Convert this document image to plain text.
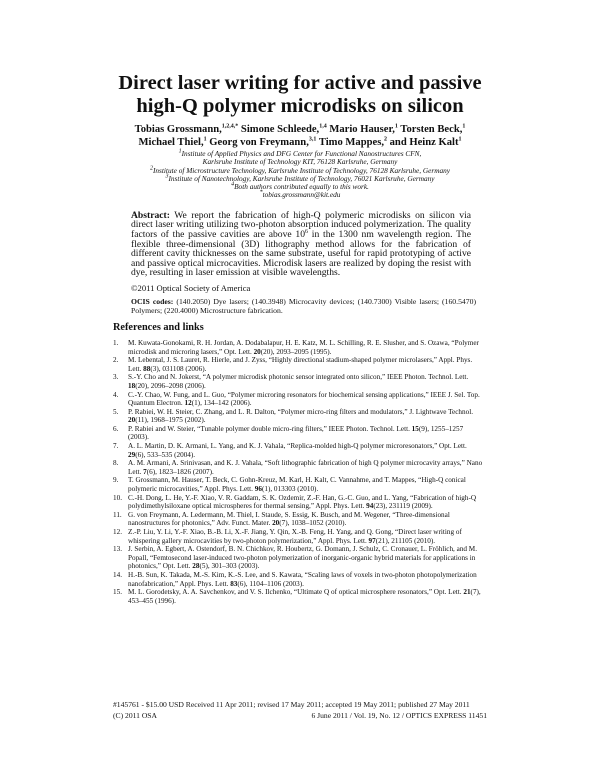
Direct laser writing for active and passive
high-Q polymer microdisks on silicon
Tobias Grossmann,$^{1,2,4,*}$ Simone Schleede,$^{1,4}$ Mario Hauser,$^1$ Torsten Beck,$^1$
Michael Thiel,$^1$ Georg von Freymann,$^{3,1}$ Timo Mappes,$^2$ and Heinz Kalt$^1$
$^1$Institute of Applied Physics and DFG Center for Functional Nanostructures CFN,
Karlsruhe Institute of Technology KIT, 76128 Karlsruhe, Germany
$^2$Institute of Microstructure Technology, Karlsruhe Institute of Technology, 76128 Karlsruhe, Germany
$^3$Institute of Nanotechnology, Karlsruhe Institute of Technology, 76021 Karlsruhe, Germany
$^4$Both authors contributed equally to this work.
*tobias.grossmann@kit.edu
Abstract: We report the fabrication of high-Q polymeric microdisks on silicon via direct laser writing utilizing two-photon absorption induced polymerization. The quality factors of the passive cavities are above $10^6$ in the 1300 nm wavelength region. The flexible three-dimensional (3D) lithography method allows for the fabrication of different cavity thicknesses on the same substrate, useful for rapid prototyping of active and passive optical microcavities. Microdisk lasers are realized by doping the resist with dye, resulting in laser emission at visible wavelengths.
©2011 Optical Society of America
OCIS codes: (140.2050) Dye lasers; (140.3948) Microcavity devices; (140.7300) Visible lasers; (160.5470) Polymers; (220.4000) Microstructure fabrication.
References and links
1.	M. Kuwata-Gonokami, R. H. Jordan, A. Dodabalapur, H. E. Katz, M. L. Schilling, R. E. Slusher, and S. Ozawa, “Polymer microdisk and microring lasers,” Opt. Lett. 20(20), 2093–2095 (1995).
2.	M. Lebental, J. S. Lauret, R. Hierle, and J. Zyss, “Highly directional stadium-shaped polymer microlasers,” Appl. Phys. Lett. 88(3), 031108 (2006).
3.	S.-Y. Cho and N. Jokerst, “A polymer microdisk photonic sensor integrated onto silicon,” IEEE Photon. Technol. Lett. 18(20), 2096–2098 (2006).
4.	C.-Y. Chao, W. Fung, and L. Guo, “Polymer microring resonators for biochemical sensing applications,” IEEE J. Sel. Top. Quantum Electron. 12(1), 134–142 (2006).
5.	P. Rabiei, W. H. Steier, C. Zhang, and L. R. Dalton, “Polymer micro-ring filters and modulators,” J. Lightwave Technol. 20(11), 1968–1975 (2002).
6.	P. Rabiei and W. Steier, “Tunable polymer double micro-ring filters,” IEEE Photon. Technol. Lett. 15(9), 1255–1257 (2003).
7.	A. L. Martin, D. K. Armani, L. Yang, and K. J. Vahala, “Replica-molded high-Q polymer microresonators,” Opt. Lett. 29(6), 533–535 (2004).
8.	A. M. Armani, A. Srinivasan, and K. J. Vahala, “Soft lithographic fabrication of high Q polymer microcavity arrays,” Nano Lett. 7(6), 1823–1826 (2007).
9.	T. Grossmann, M. Hauser, T. Beck, C. Gohn-Kreuz, M. Karl, H. Kalt, C. Vannahme, and T. Mappes, “High-Q conical polymeric microcavities,” Appl. Phys. Lett. 96(1), 013303 (2010).
10. C.-H. Dong, L. He, Y.-F. Xiao, V. R. Gaddam, S. K. Ozdemir, Z.-F. Han, G.-C. Guo, and L. Yang, “Fabrication of high-Q polydimethylsiloxane optical microspheres for thermal sensing,” Appl. Phys. Lett. 94(23), 231119 (2009).
11. G. von Freymann, A. Ledermann, M. Thiel, I. Staude, S. Essig, K. Busch, and M. Wegener, “Three-dimensional nanostructures for photonics,” Adv. Funct. Mater. 20(7), 1038–1052 (2010).
12. Z.-P. Liu, Y. Li, Y.-F. Xiao, B.-B. Li, X.-F. Jiang, Y. Qin, X.-B. Feng, H. Yang, and Q. Gong, “Direct laser writing of whispering gallery microcavities by two-photon polymerization,” Appl. Phys. Lett. 97(21), 211105 (2010).
13. J. Serbin, A. Egbert, A. Ostendorf, B. N. Chichkov, R. Houbertz, G. Domann, J. Schulz, C. Cronauer, L. Fröhlich, and M. Popall, “Femtosecond laser-induced two-photon polymerization of inorganic-organic hybrid materials for applications in photonics,” Opt. Lett. 28(5), 301–303 (2003).
14. H.-B. Sun, K. Takada, M.-S. Kim, K.-S. Lee, and S. Kawata, “Scaling laws of voxels in two-photon photopolymerization nanofabrication,” Appl. Phys. Lett. 83(6), 1104–1106 (2003).
15. M. L. Gorodetsky, A. A. Savchenkov, and V. S. Ilchenko, “Ultimate Q of optical microsphere resonators,” Opt. Lett. 21(7), 453–455 (1996).
#145761 - $15.00 USD Received 11 Apr 2011; revised 17 May 2011; accepted 19 May 2011; published 27 May 2011
(C) 2011 OSA	6 June 2011 / Vol. 19, No. 12 / OPTICS EXPRESS 11451
